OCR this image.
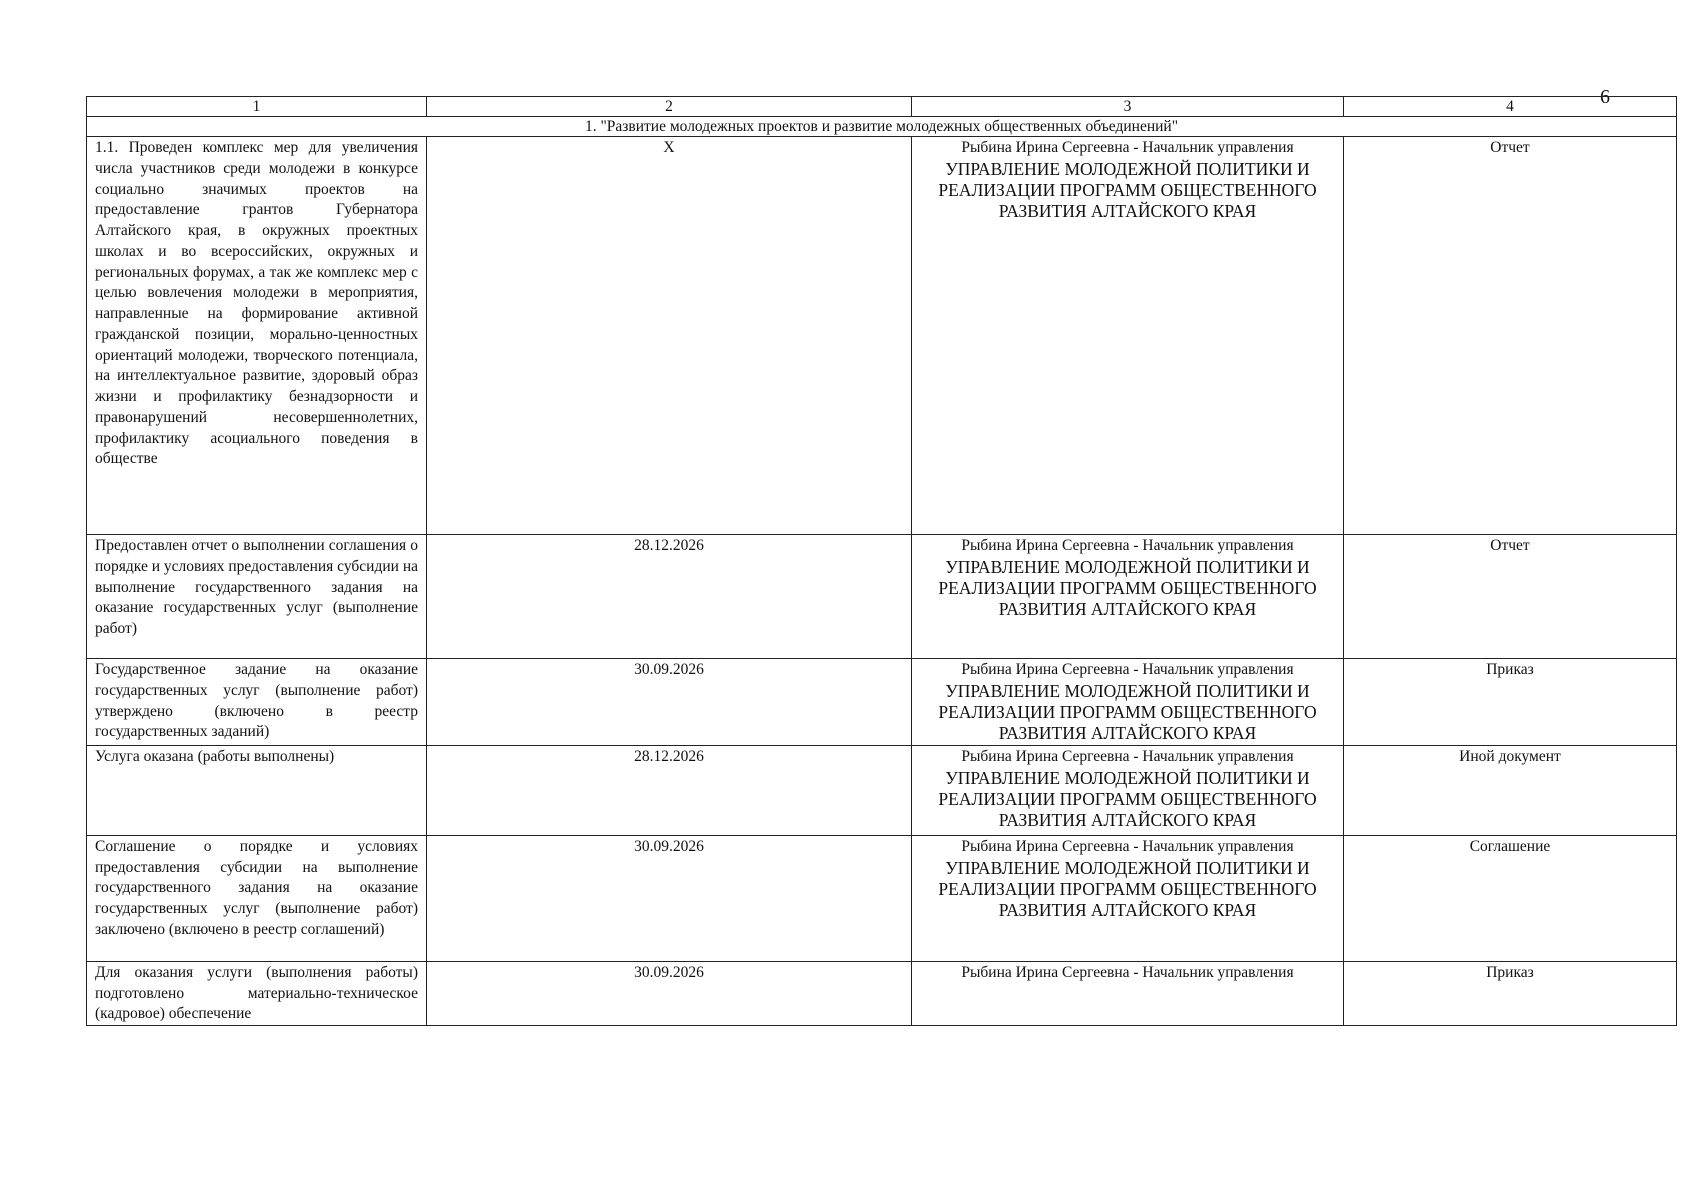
6
1	2	3	4
1. "Развитие молодежных проектов и развитие молодежных общественных объединений"			
1.1. Проведен комплекс мер для увеличения числа участников среди молодежи в конкурсе социально значимых проектов на предоставление грантов Губернатора Алтайского края, в окружных проектных школах и во всероссийских, окружных и региональных форумах, а так же комплекс мер с целью вовлечения молодежи в мероприятия, направленные на формирование активной гражданской позиции, морально-ценностных ориентаций молодежи, творческого потенциала, на интеллектуальное развитие, здоровый образ жизни и профилактику безнадзорности и правонарушений несовершеннолетних, профилактику асоциального поведения в обществе	X	Рыбина Ирина Сергеевна - Начальник управления
УПРАВЛЕНИЕ МОЛОДЕЖНОЙ ПОЛИТИКИ И РЕАЛИЗАЦИИ ПРОГРАММ ОБЩЕСТВЕННОГО РАЗВИТИЯ АЛТАЙСКОГО КРАЯ	Отчет
Предоставлен отчет о выполнении соглашения о порядке и условиях предоставления субсидии на выполнение государственного задания на оказание государственных услуг (выполнение работ)	28.12.2026	Рыбина Ирина Сергеевна - Начальник управления
УПРАВЛЕНИЕ МОЛОДЕЖНОЙ ПОЛИТИКИ И РЕАЛИЗАЦИИ ПРОГРАММ ОБЩЕСТВЕННОГО РАЗВИТИЯ АЛТАЙСКОГО КРАЯ	Отчет
Государственное задание на оказание государственных услуг (выполнение работ) утверждено (включено в реестр государственных заданий)	30.09.2026	Рыбина Ирина Сергеевна - Начальник управления
УПРАВЛЕНИЕ МОЛОДЕЖНОЙ ПОЛИТИКИ И РЕАЛИЗАЦИИ ПРОГРАММ ОБЩЕСТВЕННОГО РАЗВИТИЯ АЛТАЙСКОГО КРАЯ	Приказ
Услуга оказана (работы выполнены)	28.12.2026	Рыбина Ирина Сергеевна - Начальник управления
УПРАВЛЕНИЕ МОЛОДЕЖНОЙ ПОЛИТИКИ И РЕАЛИЗАЦИИ ПРОГРАММ ОБЩЕСТВЕННОГО РАЗВИТИЯ АЛТАЙСКОГО КРАЯ	Иной документ
Соглашение о порядке и условиях предоставления субсидии на выполнение государственного задания на оказание государственных услуг (выполнение работ) заключено (включено в реестр соглашений)	30.09.2026	Рыбина Ирина Сергеевна - Начальник управления
УПРАВЛЕНИЕ МОЛОДЕЖНОЙ ПОЛИТИКИ И РЕАЛИЗАЦИИ ПРОГРАММ ОБЩЕСТВЕННОГО РАЗВИТИЯ АЛТАЙСКОГО КРАЯ	Соглашение
Для оказания услуги (выполнения работы) подготовлено материально-техническое (кадровое) обеспечение	30.09.2026	Рыбина Ирина Сергеевна - Начальник управления	Приказ
